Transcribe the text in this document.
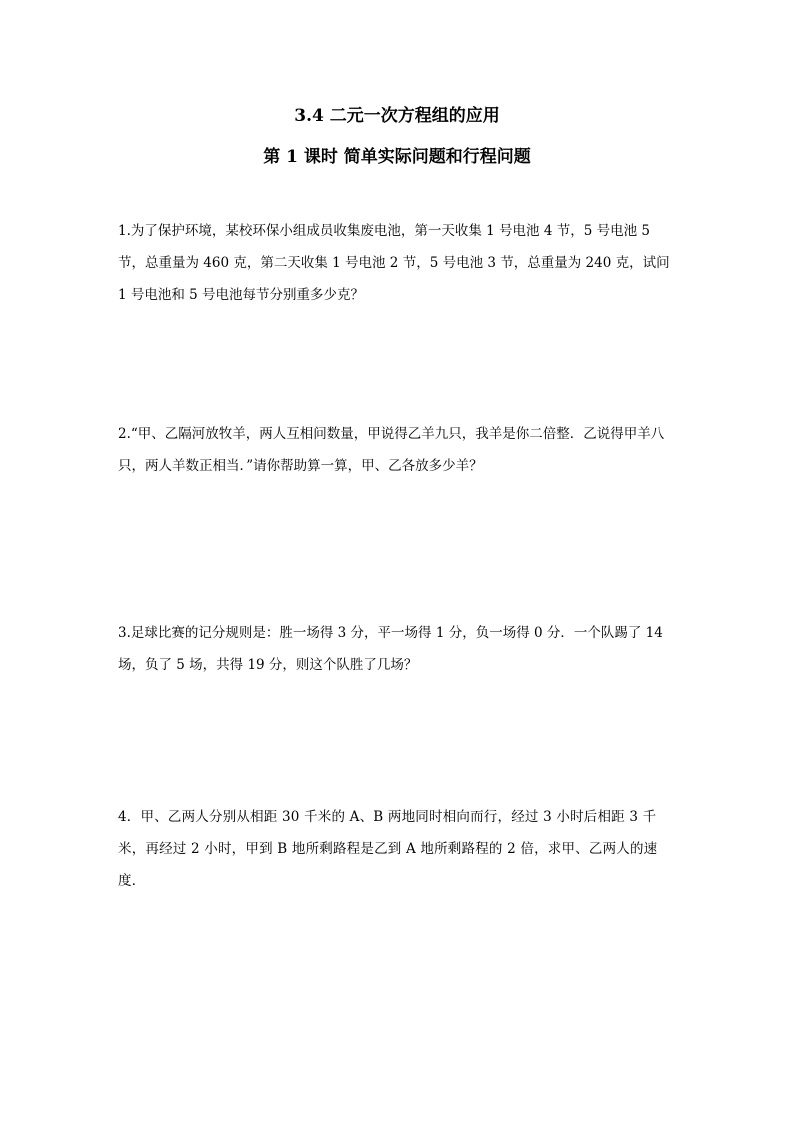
3.4 二元一次方程组的应用
第 1 课时 简单实际问题和行程问题

1.为了保护环境，某校环保小组成员收集废电池，第一天收集 1 号电池 4 节，5 号电池 5 节，总重量为 460 克，第二天收集 1 号电池 2 节，5 号电池 3 节，总重量为 240 克，试问 1 号电池和 5 号电池每节分别重多少克？

2.“甲、乙隔河放牧羊，两人互相问数量，甲说得乙羊九只，我羊是你二倍整．乙说得甲羊八只，两人羊数正相当．”请你帮助算一算，甲、乙各放多少羊？

3.足球比赛的记分规则是：胜一场得 3 分，平一场得 1 分，负一场得 0 分．一个队踢了 14 场，负了 5 场，共得 19 分，则这个队胜了几场？

4．甲、乙两人分别从相距 30 千米的 A、B 两地同时相向而行，经过 3 小时后相距 3 千米，再经过 2 小时，甲到 B 地所剩路程是乙到 A 地所剩路程的 2 倍，求甲、乙两人的速度．
